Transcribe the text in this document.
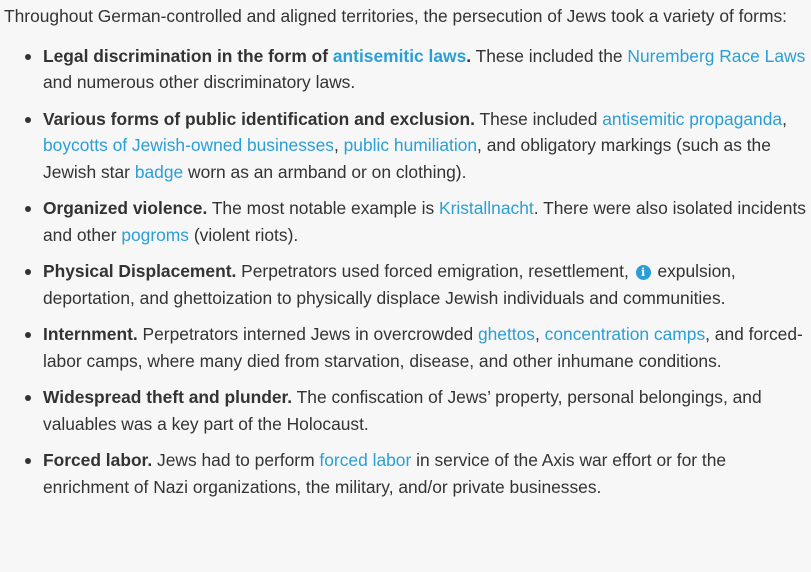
Throughout German-controlled and aligned territories, the persecution of Jews took a variety of forms:

Legal discrimination in the form of antisemitic laws. These included the Nuremberg Race Laws and numerous other discriminatory laws.
Various forms of public identification and exclusion. These included antisemitic propaganda, boycotts of Jewish-owned businesses, public humiliation, and obligatory markings (such as the Jewish star badge worn as an armband or on clothing).
Organized violence. The most notable example is Kristallnacht. There were also isolated incidents and other pogroms (violent riots).
Physical Displacement. Perpetrators used forced emigration, resettlement, i expulsion, deportation, and ghettoization to physically displace Jewish individuals and communities.
Internment. Perpetrators interned Jews in overcrowded ghettos, concentration camps, and forced-labor camps, where many died from starvation, disease, and other inhumane conditions.
Widespread theft and plunder. The confiscation of Jews’ property, personal belongings, and valuables was a key part of the Holocaust.
Forced labor. Jews had to perform forced labor in service of the Axis war effort or for the enrichment of Nazi organizations, the military, and/or private businesses.
